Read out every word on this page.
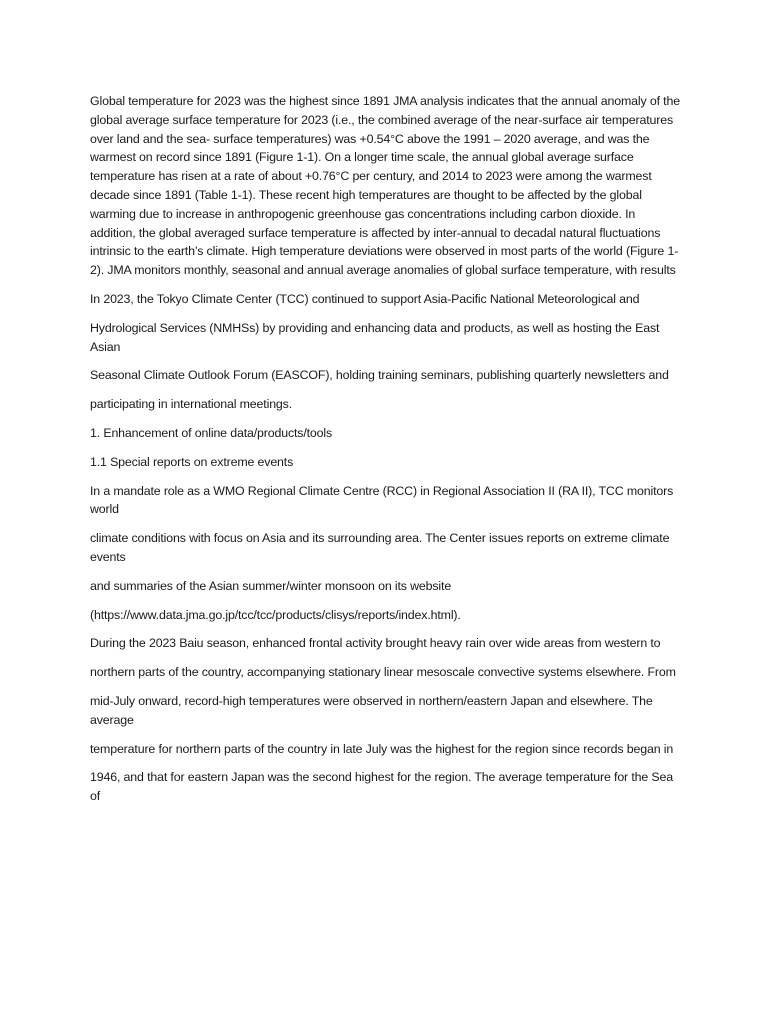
Global temperature for 2023 was the highest since 1891 JMA analysis indicates that the annual anomaly of the global average surface temperature for 2023 (i.e., the combined average of the near-surface air temperatures over land and the sea- surface temperatures) was +0.54°C above the 1991 – 2020 average, and was the warmest on record since 1891 (Figure 1-1). On a longer time scale, the annual global average surface temperature has risen at a rate of about +0.76°C per century, and 2014 to 2023 were among the warmest decade since 1891 (Table 1-1). These recent high temperatures are thought to be affected by the global warming due to increase in anthropogenic greenhouse gas concentrations including carbon dioxide. In addition, the global averaged surface temperature is affected by inter-annual to decadal natural fluctuations intrinsic to the earth’s climate. High temperature deviations were observed in most parts of the world (Figure 1-2). JMA monitors monthly, seasonal and annual average anomalies of global surface temperature, with results

In 2023, the Tokyo Climate Center (TCC) continued to support Asia-Pacific National Meteorological and

Hydrological Services (NMHSs) by providing and enhancing data and products, as well as hosting the East Asian

Seasonal Climate Outlook Forum (EASCOF), holding training seminars, publishing quarterly newsletters and

participating in international meetings.

1. Enhancement of online data/products/tools

1.1 Special reports on extreme events

In a mandate role as a WMO Regional Climate Centre (RCC) in Regional Association II (RA II), TCC monitors world

climate conditions with focus on Asia and its surrounding area. The Center issues reports on extreme climate events

and summaries of the Asian summer/winter monsoon on its website

(https://www.data.jma.go.jp/tcc/tcc/products/clisys/reports/index.html).

During the 2023 Baiu season, enhanced frontal activity brought heavy rain over wide areas from western to

northern parts of the country, accompanying stationary linear mesoscale convective systems elsewhere. From

mid-July onward, record-high temperatures were observed in northern/eastern Japan and elsewhere. The average

temperature for northern parts of the country in late July was the highest for the region since records began in

1946, and that for eastern Japan was the second highest for the region. The average temperature for the Sea of
